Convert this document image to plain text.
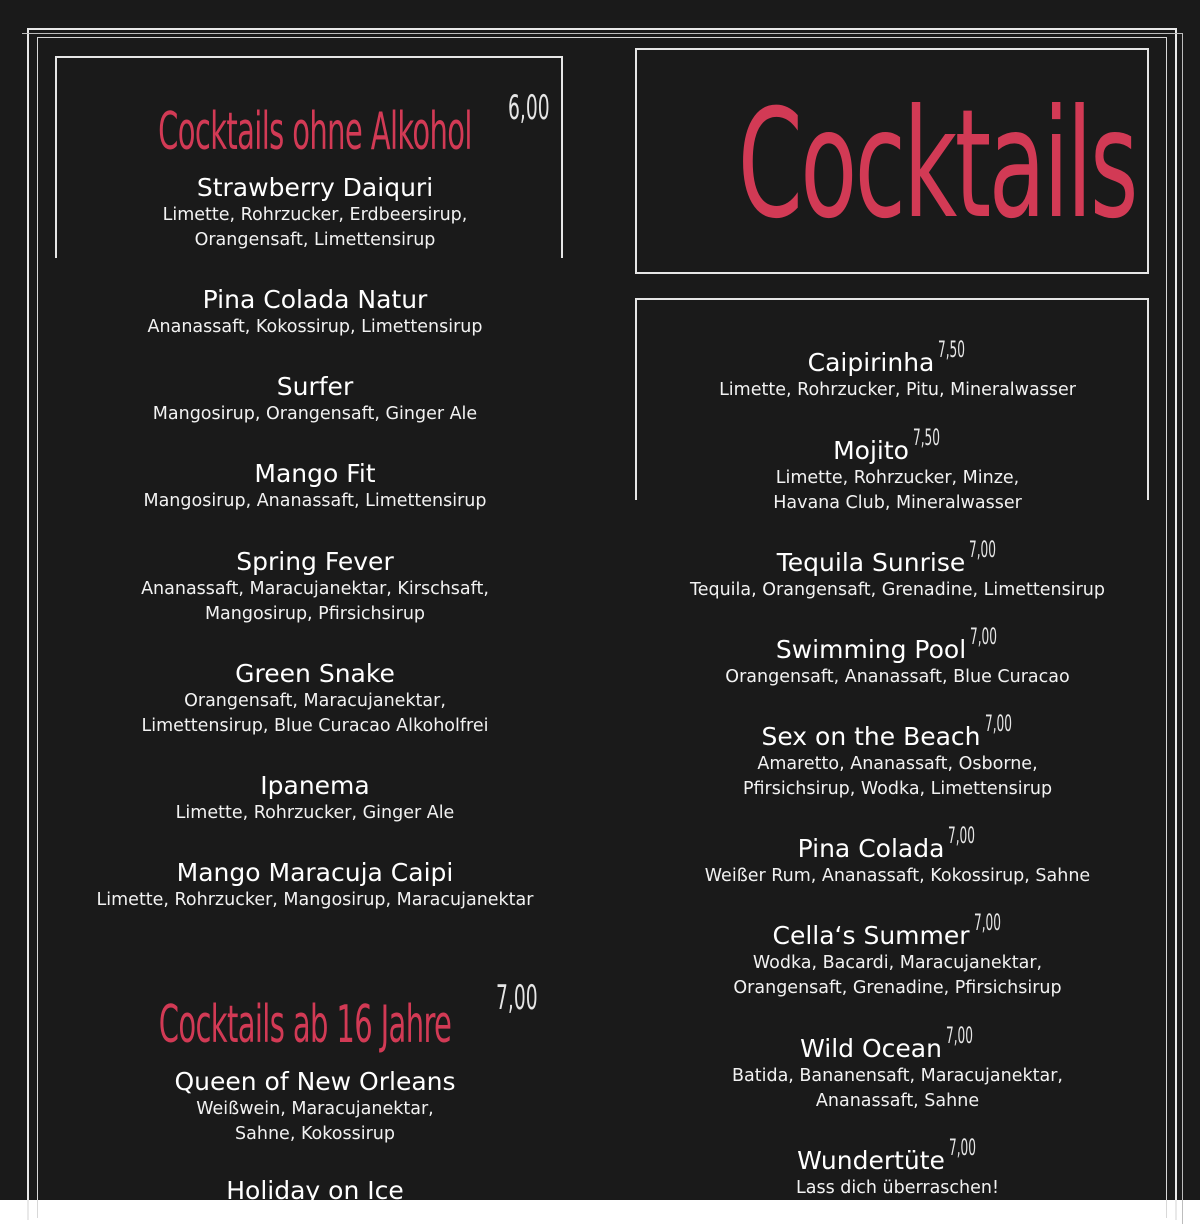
Cocktails ohne Alkohol	6,00
Strawberry Daiquri
Limette, Rohrzucker, Erdbeersirup,
Orangensaft, Limettensirup
Pina Colada Natur
Ananassaft, Kokossirup, Limettensirup
Surfer
Mangosirup, Orangensaft, Ginger Ale
Mango Fit
Mangosirup, Ananassaft, Limettensirup
Spring Fever
Ananassaft, Maracujanektar, Kirschsaft,
Mangosirup, Pfirsichsirup
Green Snake
Orangensaft, Maracujanektar,
Limettensirup, Blue Curacao Alkoholfrei
Ipanema
Limette, Rohrzucker, Ginger Ale
Mango Maracuja Caipi
Limette, Rohrzucker, Mangosirup, Maracujanektar
Cocktails ab 16 Jahre	7,00
Queen of New Orleans
Weißwein, Maracujanektar,
Sahne, Kokossirup
Holiday on Ice
Cocktails
Caipirinha 7,50
Limette, Rohrzucker, Pitu, Mineralwasser
Mojito 7,50
Limette, Rohrzucker, Minze,
Havana Club, Mineralwasser
Tequila Sunrise 7,00
Tequila, Orangensaft, Grenadine, Limettensirup
Swimming Pool 7,00
Orangensaft, Ananassaft, Blue Curacao
Sex on the Beach 7,00
Amaretto, Ananassaft, Osborne,
Pfirsichsirup, Wodka, Limettensirup
Pina Colada 7,00
Weißer Rum, Ananassaft, Kokossirup, Sahne
Cella‘s Summer 7,00
Wodka, Bacardi, Maracujanektar,
Orangensaft, Grenadine, Pfirsichsirup
Wild Ocean 7,00
Batida, Bananensaft, Maracujanektar,
Ananassaft, Sahne
Wundertüte 7,00
Lass dich überraschen!
